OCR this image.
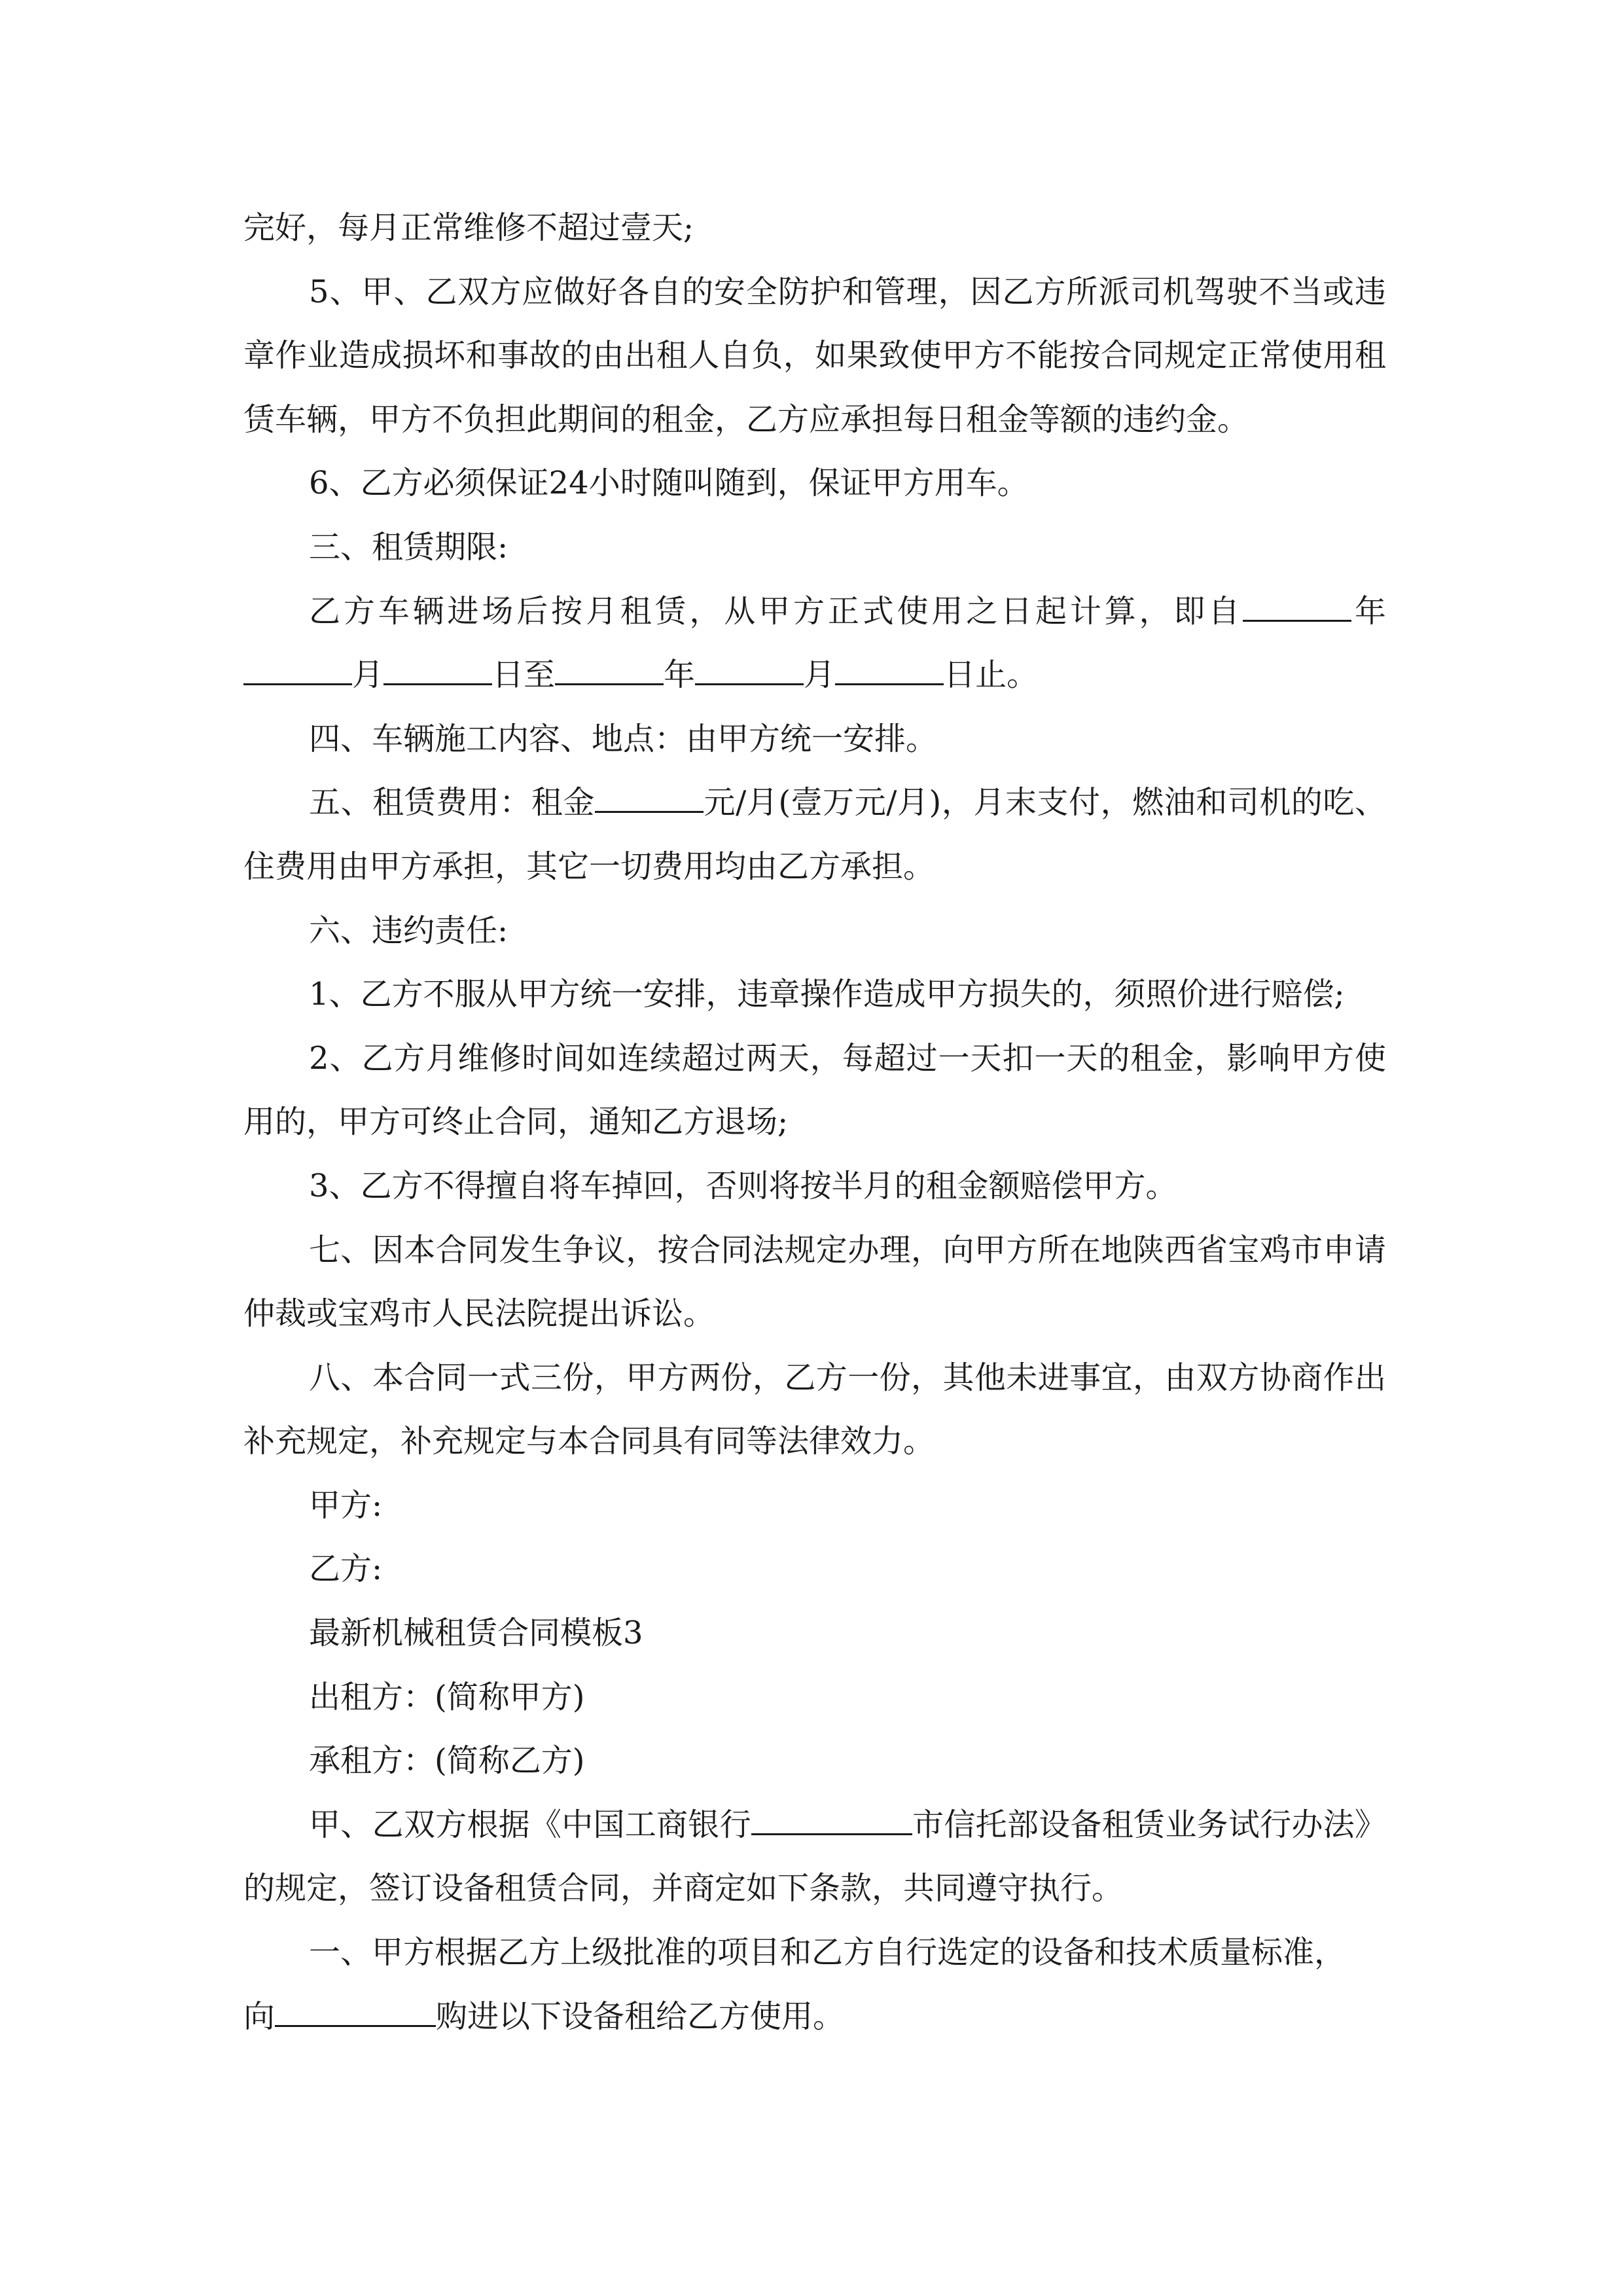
完好，每月正常维修不超过壹天;

5、甲、乙双方应做好各自的安全防护和管理，因乙方所派司机驾驶不当或违章作业造成损坏和事故的由出租人自负，如果致使甲方不能按合同规定正常使用租赁车辆，甲方不负担此期间的租金，乙方应承担每日租金等额的违约金。

6、乙方必须保证24小时随叫随到，保证甲方用车。

三、租赁期限:

乙方车辆进场后按月租赁，从甲方正式使用之日起计算，即自	年月	日至	年	月	日止。

四、车辆施工内容、地点：由甲方统一安排。

五、租赁费用：租金	元/月(壹万元/月)，月末支付，燃油和司机的吃、住费用由甲方承担，其它一切费用均由乙方承担。

六、违约责任:

1、乙方不服从甲方统一安排，违章操作造成甲方损失的，须照价进行赔偿;

2、乙方月维修时间如连续超过两天，每超过一天扣一天的租金，影响甲方使用的，甲方可终止合同，通知乙方退场;

3、乙方不得擅自将车掉回，否则将按半月的租金额赔偿甲方。

七、因本合同发生争议，按合同法规定办理，向甲方所在地陕西省宝鸡市申请仲裁或宝鸡市人民法院提出诉讼。

八、本合同一式三份，甲方两份，乙方一份，其他未进事宜，由双方协商作出补充规定，补充规定与本合同具有同等法律效力。

甲方:

乙方:

最新机械租赁合同模板3

出租方：(简称甲方)

承租方：(简称乙方)

甲、乙双方根据《中国工商银行	市信托部设备租赁业务试行办法》的规定，签订设备租赁合同，并商定如下条款，共同遵守执行。

一、甲方根据乙方上级批准的项目和乙方自行选定的设备和技术质量标准，

向	购进以下设备租给乙方使用。
